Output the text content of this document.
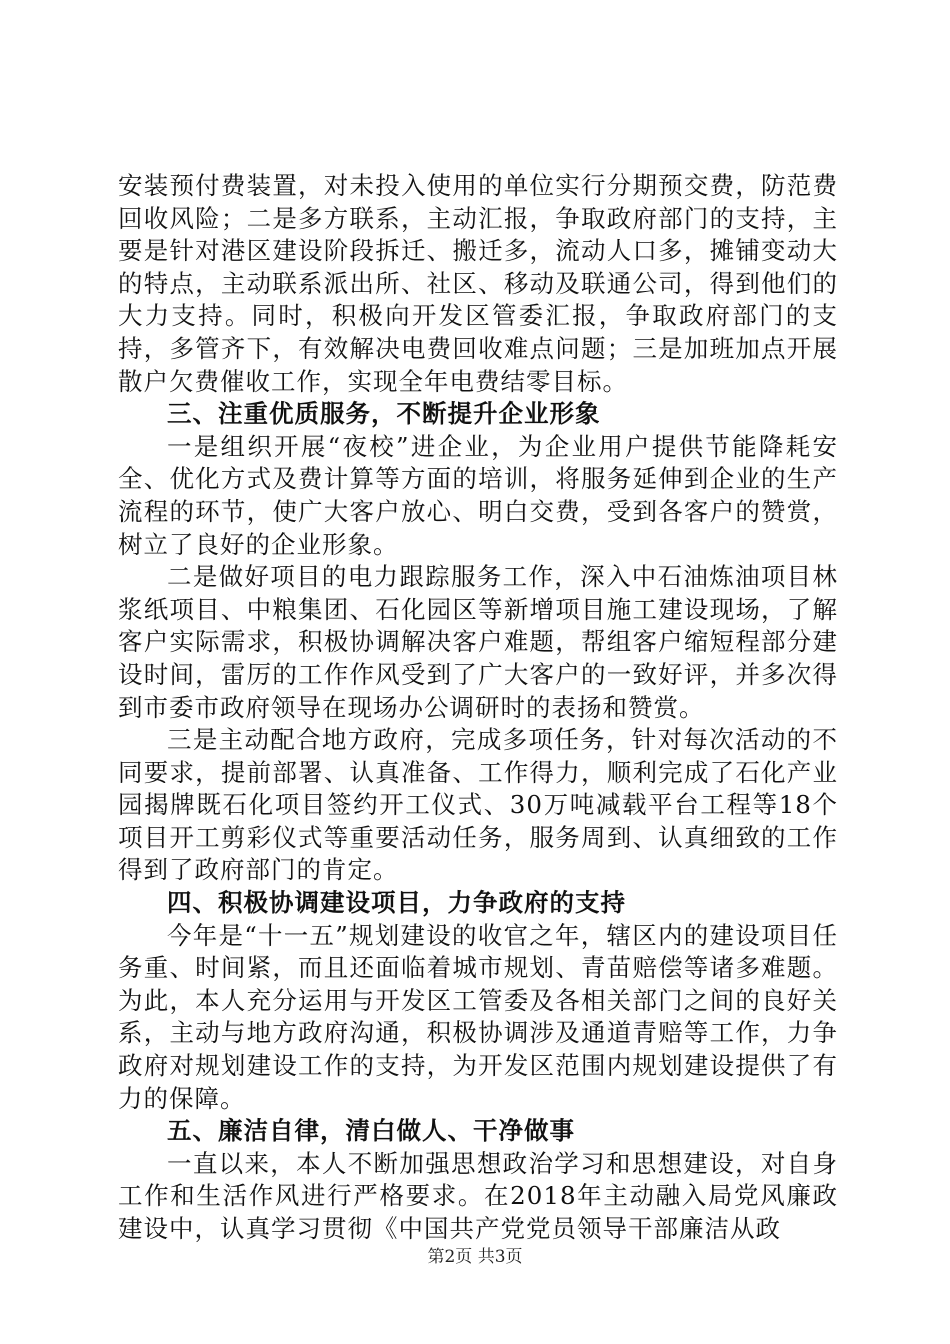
安装预付费装置，对未投入使用的单位实行分期预交费，防范费回收风险；二是多方联系，主动汇报，争取政府部门的支持，主要是针对港区建设阶段拆迁、搬迁多，流动人口多，摊铺变动大的特点，主动联系派出所、社区、移动及联通公司，得到他们的大力支持。同时，积极向开发区管委汇报，争取政府部门的支持，多管齐下，有效解决电费回收难点问题；三是加班加点开展散户欠费催收工作，实现全年电费结零目标。

三、注重优质服务，不断提升企业形象

一是组织开展“夜校”进企业，为企业用户提供节能降耗安全、优化方式及费计算等方面的培训，将服务延伸到企业的生产流程的环节，使广大客户放心、明白交费，受到各客户的赞赏，树立了良好的企业形象。

二是做好项目的电力跟踪服务工作，深入中石油炼油项目林浆纸项目、中粮集团、石化园区等新增项目施工建设现场，了解客户实际需求，积极协调解决客户难题，帮组客户缩短程部分建设时间，雷厉的工作作风受到了广大客户的一致好评，并多次得到市委市政府领导在现场办公调研时的表扬和赞赏。

三是主动配合地方政府，完成多项任务，针对每次活动的不同要求，提前部署、认真准备、工作得力，顺利完成了石化产业园揭牌既石化项目签约开工仪式、30万吨减载平台工程等18个项目开工剪彩仪式等重要活动任务，服务周到、认真细致的工作得到了政府部门的肯定。

四、积极协调建设项目，力争政府的支持

今年是“十一五”规划建设的收官之年，辖区内的建设项目任务重、时间紧，而且还面临着城市规划、青苗赔偿等诸多难题。为此，本人充分运用与开发区工管委及各相关部门之间的良好关系，主动与地方政府沟通，积极协调涉及通道青赔等工作，力争政府对规划建设工作的支持，为开发区范围内规划建设提供了有力的保障。

五、廉洁自律，清白做人、干净做事

一直以来，本人不断加强思想政治学习和思想建设，对自身工作和生活作风进行严格要求。在2018年主动融入局党风廉政建设中，认真学习贯彻《中国共产党党员领导干部廉洁从政

第2页 共3页
